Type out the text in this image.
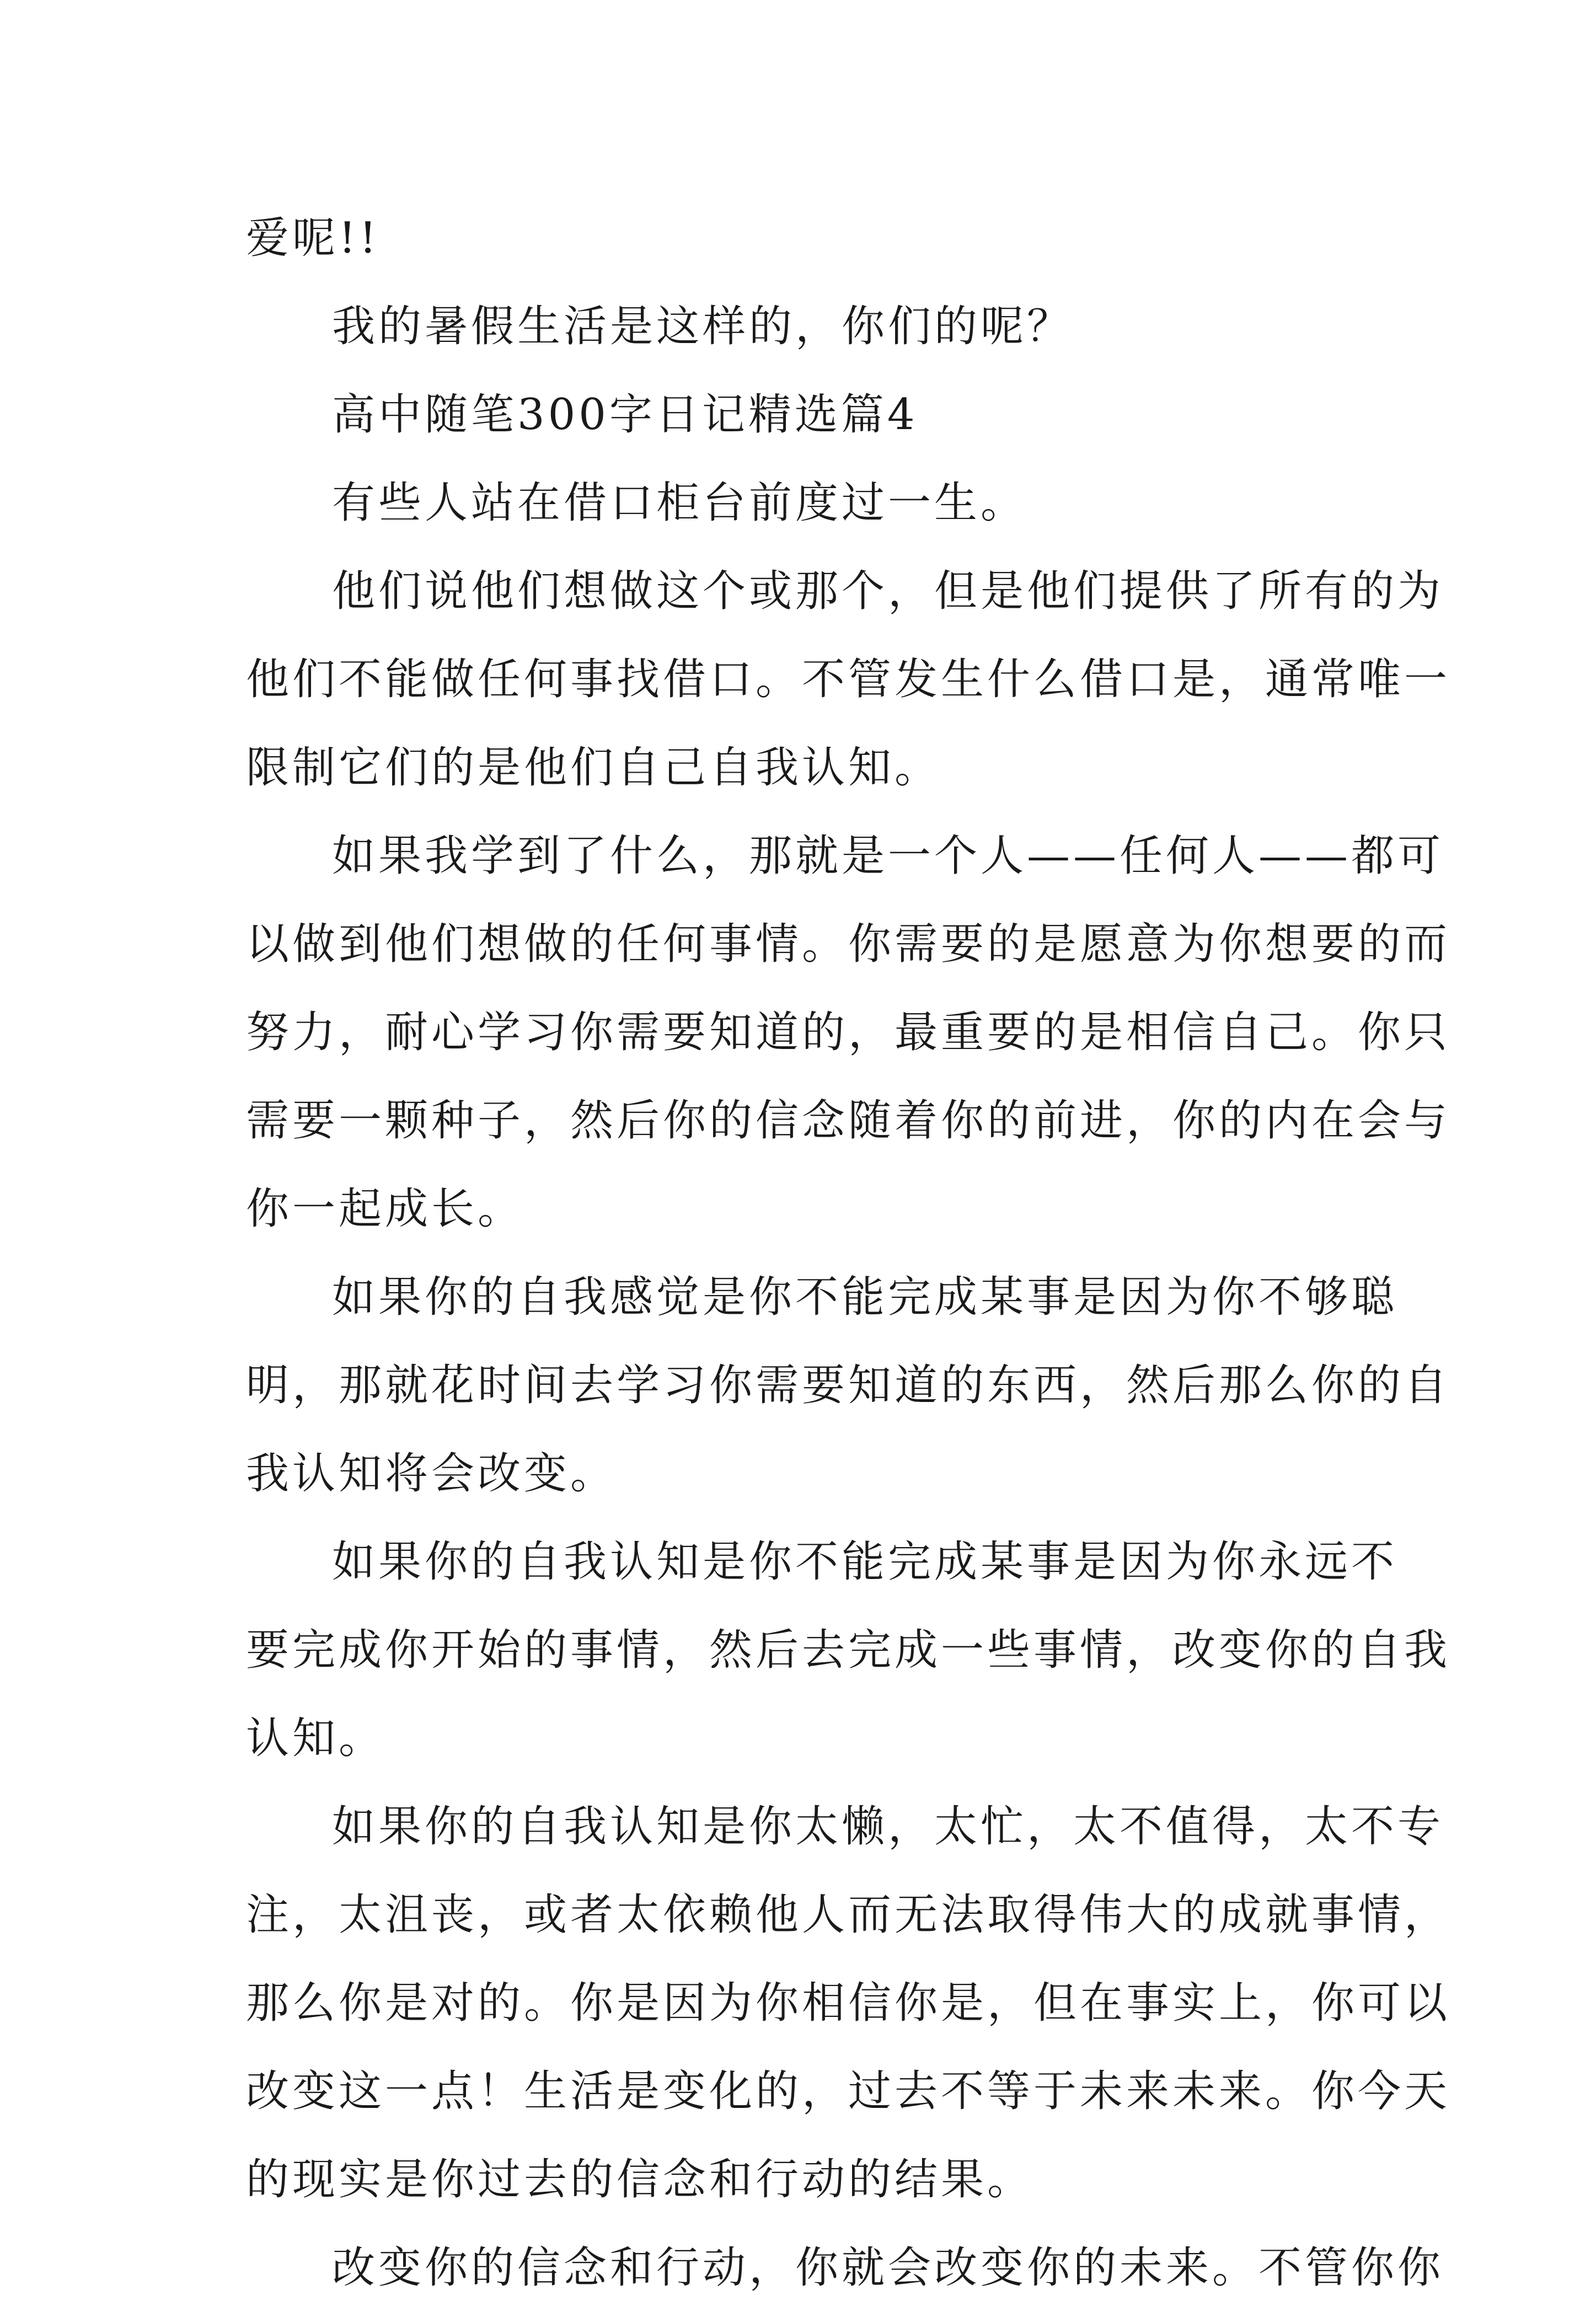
爱呢!!
我的暑假生活是这样的，你们的呢？
高中随笔300字日记精选篇4
有些人站在借口柜台前度过一生。
他们说他们想做这个或那个，但是他们提供了所有的为
他们不能做任何事找借口。不管发生什么借口是，通常唯一
限制它们的是他们自己自我认知。
如果我学到了什么，那就是一个人——任何人——都可
以做到他们想做的任何事情。你需要的是愿意为你想要的而
努力，耐心学习你需要知道的，最重要的是相信自己。你只
需要一颗种子，然后你的信念随着你的前进，你的内在会与
你一起成长。
如果你的自我感觉是你不能完成某事是因为你不够聪
明，那就花时间去学习你需要知道的东西，然后那么你的自
我认知将会改变。
如果你的自我认知是你不能完成某事是因为你永远不
要完成你开始的事情，然后去完成一些事情，改变你的自我
认知。
如果你的自我认知是你太懒，太忙，太不值得，太不专
注，太沮丧，或者太依赖他人而无法取得伟大的成就事情，
那么你是对的。你是因为你相信你是，但在事实上，你可以
改变这一点！生活是变化的，过去不等于未来未来。你今天
的现实是你过去的信念和行动的结果。
改变你的信念和行动，你就会改变你的未来。不管你你
